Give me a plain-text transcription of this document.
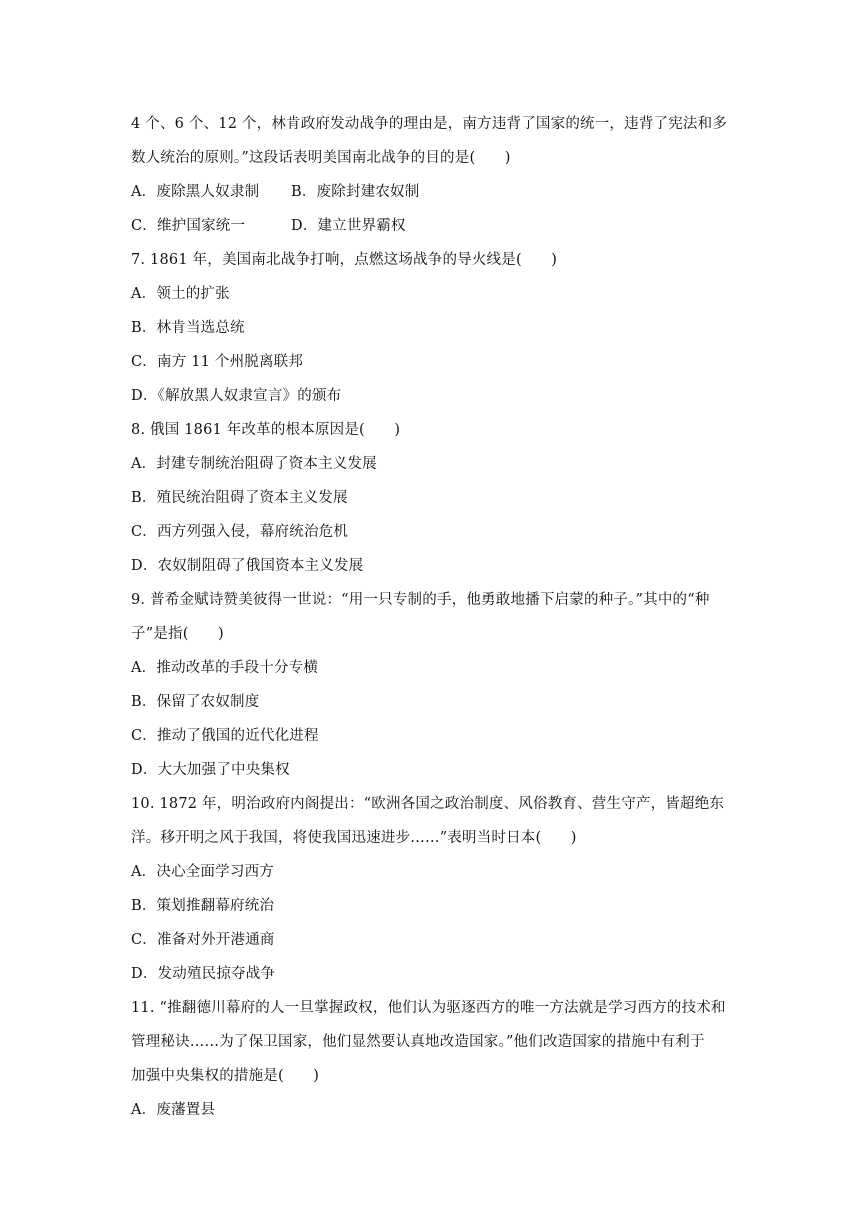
4 个、6 个、12 个，林肯政府发动战争的理由是，南方违背了国家的统一，违背了宪法和多
数人统治的原则。”这段话表明美国南北战争的目的是(　　)
A．废除黑人奴隶制	B．废除封建农奴制
C．维护国家统一	D．建立世界霸权
7. 1861 年，美国南北战争打响，点燃这场战争的导火线是(　　)
A．领土的扩张
B．林肯当选总统
C．南方 11 个州脱离联邦
D．《解放黑人奴隶宣言》的颁布
8. 俄国 1861 年改革的根本原因是(　　)
A．封建专制统治阻碍了资本主义发展
B．殖民统治阻碍了资本主义发展
C．西方列强入侵，幕府统治危机
D．农奴制阻碍了俄国资本主义发展
9. 普希金赋诗赞美彼得一世说：“用一只专制的手，他勇敢地播下启蒙的种子。”其中的“种
子”是指(　　)
A．推动改革的手段十分专横
B．保留了农奴制度
C．推动了俄国的近代化进程
D．大大加强了中央集权
10. 1872 年，明治政府内阁提出：“欧洲各国之政治制度、风俗教育、营生守产，皆超绝东
洋。移开明之风于我国，将使我国迅速进步……”表明当时日本(　　)
A．决心全面学习西方
B．策划推翻幕府统治
C．准备对外开港通商
D．发动殖民掠夺战争
11. “推翻德川幕府的人一旦掌握政权，他们认为驱逐西方的唯一方法就是学习西方的技术和
管理秘诀……为了保卫国家，他们显然要认真地改造国家。”他们改造国家的措施中有利于
加强中央集权的措施是(　　)
A．废藩置县
